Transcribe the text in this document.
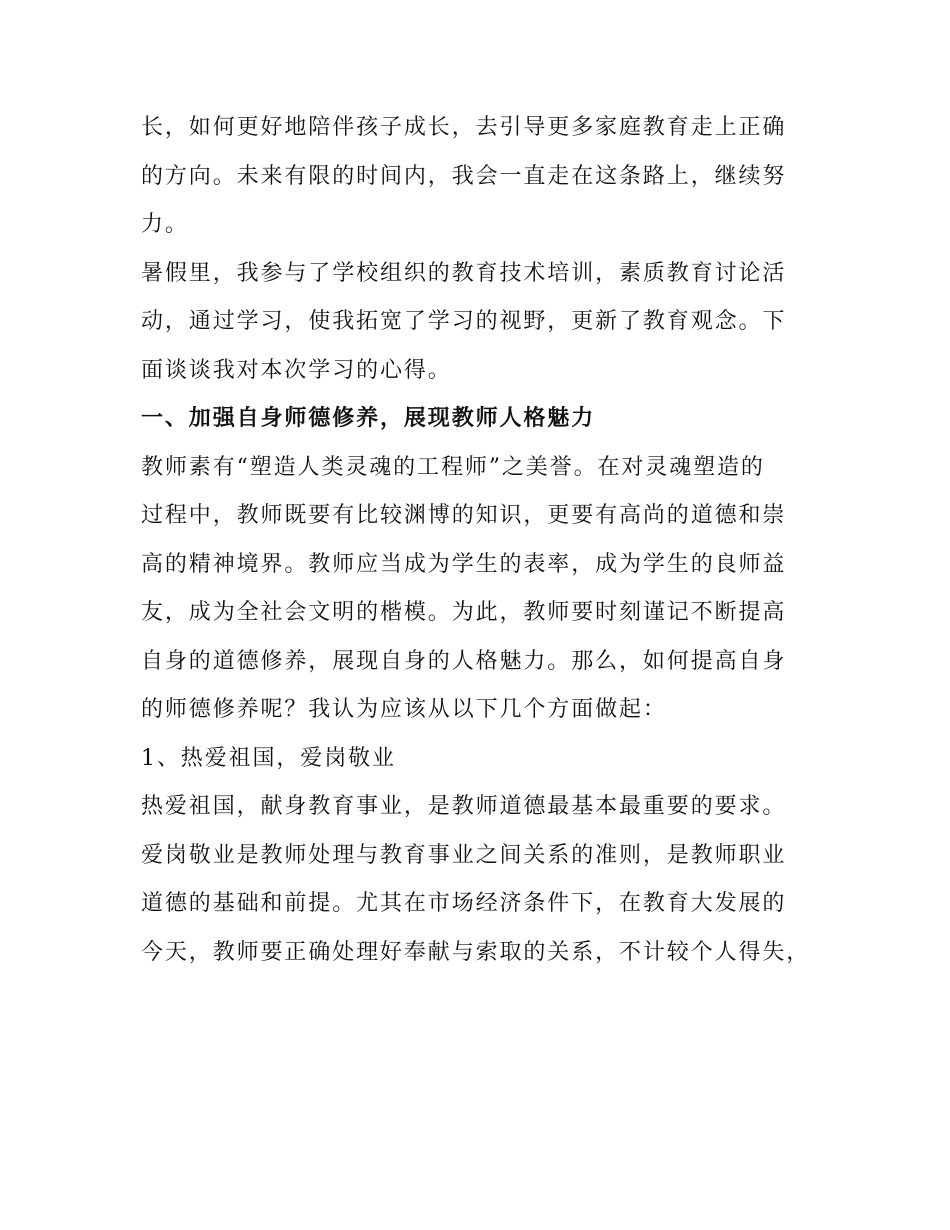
长，如何更好地陪伴孩子成长，去引导更多家庭教育走上正确
的方向。未来有限的时间内，我会一直走在这条路上，继续努
力。
暑假里，我参与了学校组织的教育技术培训，素质教育讨论活
动，通过学习，使我拓宽了学习的视野，更新了教育观念。下
面谈谈我对本次学习的心得。
一、加强自身师德修养，展现教师人格魅力
教师素有“塑造人类灵魂的工程师”之美誉。在对灵魂塑造的
过程中，教师既要有比较渊博的知识，更要有高尚的道德和崇
高的精神境界。教师应当成为学生的表率，成为学生的良师益
友，成为全社会文明的楷模。为此，教师要时刻谨记不断提高
自身的道德修养，展现自身的人格魅力。那么，如何提高自身
的师德修养呢？我认为应该从以下几个方面做起：
1、热爱祖国，爱岗敬业
热爱祖国，献身教育事业，是教师道德最基本最重要的要求。
爱岗敬业是教师处理与教育事业之间关系的准则，是教师职业
道德的基础和前提。尤其在市场经济条件下，在教育大发展的
今天，教师要正确处理好奉献与索取的关系，不计较个人得失，
